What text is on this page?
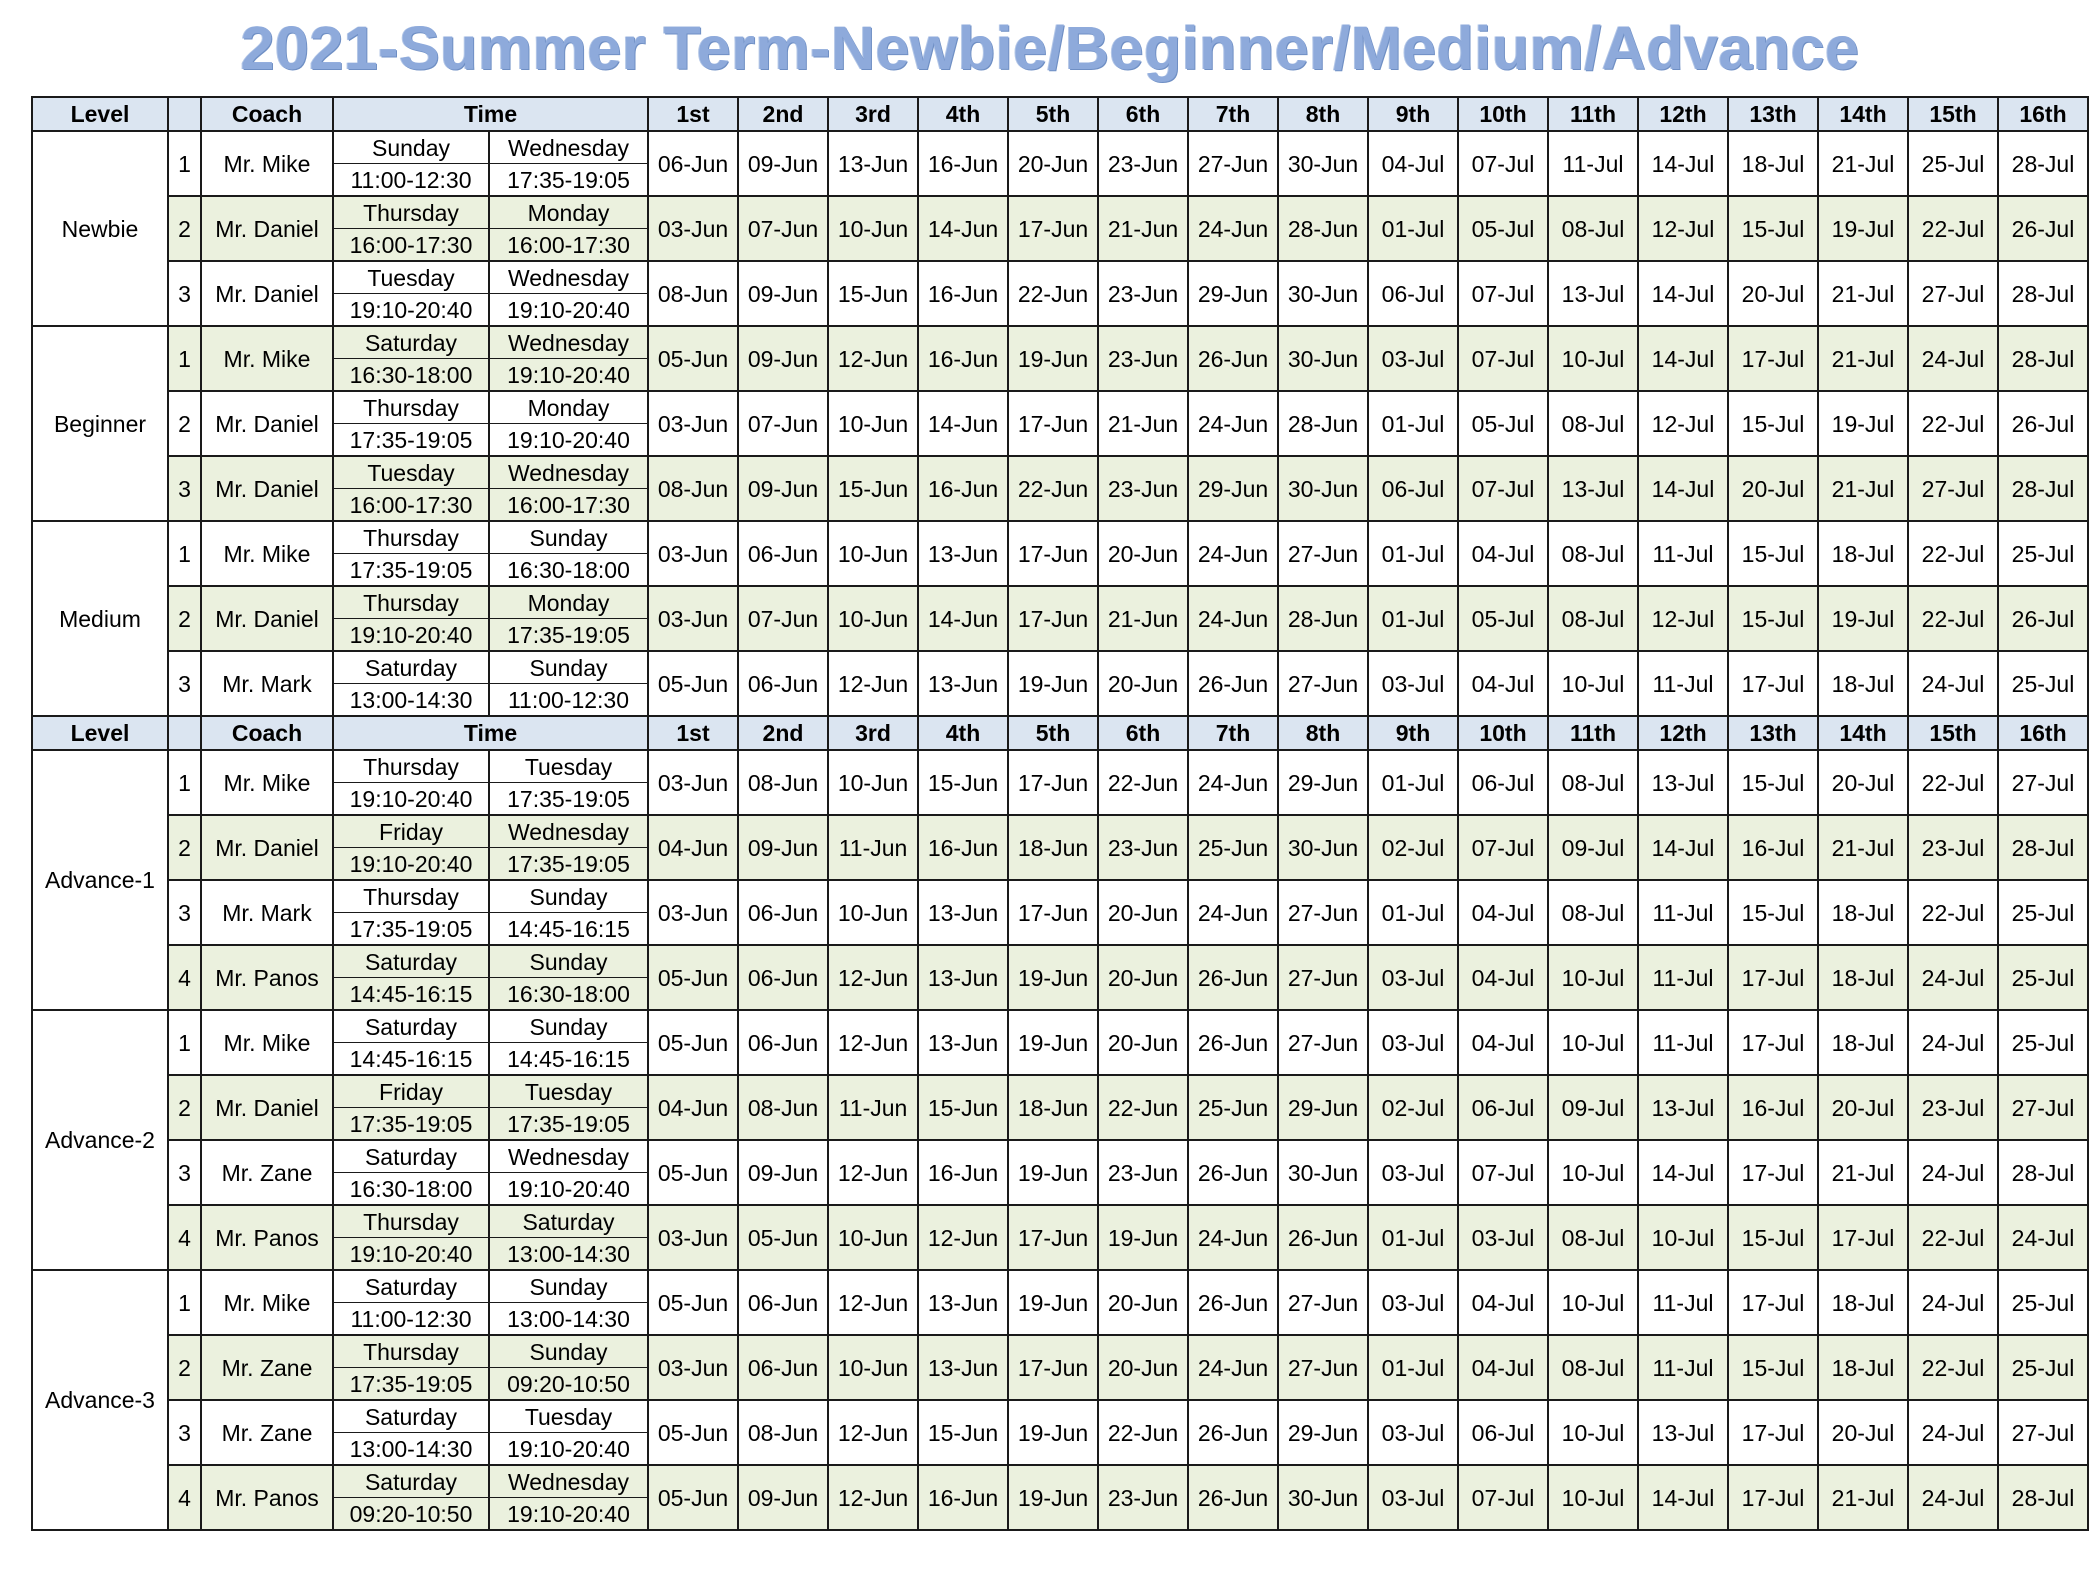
2021-Summer Term-Newbie/Beginner/Medium/Advance
Level		Coach	Time		1st	2nd	3rd	4th	5th	6th	7th	8th	9th	10th	11th	12th	13th	14th	15th	16th
Newbie	1	Mr. Mike	Sunday	Wednesday	06-Jun	09-Jun	13-Jun	16-Jun	20-Jun	23-Jun	27-Jun	30-Jun	04-Jul	07-Jul	11-Jul	14-Jul	18-Jul	21-Jul	25-Jul	28-Jul
			11:00-12:30	17:35-19:05																
	2	Mr. Daniel	Thursday	Monday	03-Jun	07-Jun	10-Jun	14-Jun	17-Jun	21-Jun	24-Jun	28-Jun	01-Jul	05-Jul	08-Jul	12-Jul	15-Jul	19-Jul	22-Jul	26-Jul
			16:00-17:30	16:00-17:30																
	3	Mr. Daniel	Tuesday	Wednesday	08-Jun	09-Jun	15-Jun	16-Jun	22-Jun	23-Jun	29-Jun	30-Jun	06-Jul	07-Jul	13-Jul	14-Jul	20-Jul	21-Jul	27-Jul	28-Jul
			19:10-20:40	19:10-20:40																
Beginner	1	Mr. Mike	Saturday	Wednesday	05-Jun	09-Jun	12-Jun	16-Jun	19-Jun	23-Jun	26-Jun	30-Jun	03-Jul	07-Jul	10-Jul	14-Jul	17-Jul	21-Jul	24-Jul	28-Jul
			16:30-18:00	19:10-20:40																
	2	Mr. Daniel	Thursday	Monday	03-Jun	07-Jun	10-Jun	14-Jun	17-Jun	21-Jun	24-Jun	28-Jun	01-Jul	05-Jul	08-Jul	12-Jul	15-Jul	19-Jul	22-Jul	26-Jul
			17:35-19:05	19:10-20:40																
	3	Mr. Daniel	Tuesday	Wednesday	08-Jun	09-Jun	15-Jun	16-Jun	22-Jun	23-Jun	29-Jun	30-Jun	06-Jul	07-Jul	13-Jul	14-Jul	20-Jul	21-Jul	27-Jul	28-Jul
			16:00-17:30	16:00-17:30																
Medium	1	Mr. Mike	Thursday	Sunday	03-Jun	06-Jun	10-Jun	13-Jun	17-Jun	20-Jun	24-Jun	27-Jun	01-Jul	04-Jul	08-Jul	11-Jul	15-Jul	18-Jul	22-Jul	25-Jul
			17:35-19:05	16:30-18:00																
	2	Mr. Daniel	Thursday	Monday	03-Jun	07-Jun	10-Jun	14-Jun	17-Jun	21-Jun	24-Jun	28-Jun	01-Jul	05-Jul	08-Jul	12-Jul	15-Jul	19-Jul	22-Jul	26-Jul
			19:10-20:40	17:35-19:05																
	3	Mr. Mark	Saturday	Sunday	05-Jun	06-Jun	12-Jun	13-Jun	19-Jun	20-Jun	26-Jun	27-Jun	03-Jul	04-Jul	10-Jul	11-Jul	17-Jul	18-Jul	24-Jul	25-Jul
			13:00-14:30	11:00-12:30																
Level		Coach	Time		1st	2nd	3rd	4th	5th	6th	7th	8th	9th	10th	11th	12th	13th	14th	15th	16th
Advance-1	1	Mr. Mike	Thursday	Tuesday	03-Jun	08-Jun	10-Jun	15-Jun	17-Jun	22-Jun	24-Jun	29-Jun	01-Jul	06-Jul	08-Jul	13-Jul	15-Jul	20-Jul	22-Jul	27-Jul
			19:10-20:40	17:35-19:05																
	2	Mr. Daniel	Friday	Wednesday	04-Jun	09-Jun	11-Jun	16-Jun	18-Jun	23-Jun	25-Jun	30-Jun	02-Jul	07-Jul	09-Jul	14-Jul	16-Jul	21-Jul	23-Jul	28-Jul
			19:10-20:40	17:35-19:05																
	3	Mr. Mark	Thursday	Sunday	03-Jun	06-Jun	10-Jun	13-Jun	17-Jun	20-Jun	24-Jun	27-Jun	01-Jul	04-Jul	08-Jul	11-Jul	15-Jul	18-Jul	22-Jul	25-Jul
			17:35-19:05	14:45-16:15																
	4	Mr. Panos	Saturday	Sunday	05-Jun	06-Jun	12-Jun	13-Jun	19-Jun	20-Jun	26-Jun	27-Jun	03-Jul	04-Jul	10-Jul	11-Jul	17-Jul	18-Jul	24-Jul	25-Jul
			14:45-16:15	16:30-18:00																
Advance-2	1	Mr. Mike	Saturday	Sunday	05-Jun	06-Jun	12-Jun	13-Jun	19-Jun	20-Jun	26-Jun	27-Jun	03-Jul	04-Jul	10-Jul	11-Jul	17-Jul	18-Jul	24-Jul	25-Jul
			14:45-16:15	14:45-16:15																
	2	Mr. Daniel	Friday	Tuesday	04-Jun	08-Jun	11-Jun	15-Jun	18-Jun	22-Jun	25-Jun	29-Jun	02-Jul	06-Jul	09-Jul	13-Jul	16-Jul	20-Jul	23-Jul	27-Jul
			17:35-19:05	17:35-19:05																
	3	Mr. Zane	Saturday	Wednesday	05-Jun	09-Jun	12-Jun	16-Jun	19-Jun	23-Jun	26-Jun	30-Jun	03-Jul	07-Jul	10-Jul	14-Jul	17-Jul	21-Jul	24-Jul	28-Jul
			16:30-18:00	19:10-20:40																
	4	Mr. Panos	Thursday	Saturday	03-Jun	05-Jun	10-Jun	12-Jun	17-Jun	19-Jun	24-Jun	26-Jun	01-Jul	03-Jul	08-Jul	10-Jul	15-Jul	17-Jul	22-Jul	24-Jul
			19:10-20:40	13:00-14:30																
Advance-3	1	Mr. Mike	Saturday	Sunday	05-Jun	06-Jun	12-Jun	13-Jun	19-Jun	20-Jun	26-Jun	27-Jun	03-Jul	04-Jul	10-Jul	11-Jul	17-Jul	18-Jul	24-Jul	25-Jul
			11:00-12:30	13:00-14:30																
	2	Mr. Zane	Thursday	Sunday	03-Jun	06-Jun	10-Jun	13-Jun	17-Jun	20-Jun	24-Jun	27-Jun	01-Jul	04-Jul	08-Jul	11-Jul	15-Jul	18-Jul	22-Jul	25-Jul
			17:35-19:05	09:20-10:50																
	3	Mr. Zane	Saturday	Tuesday	05-Jun	08-Jun	12-Jun	15-Jun	19-Jun	22-Jun	26-Jun	29-Jun	03-Jul	06-Jul	10-Jul	13-Jul	17-Jul	20-Jul	24-Jul	27-Jul
			13:00-14:30	19:10-20:40																
	4	Mr. Panos	Saturday	Wednesday	05-Jun	09-Jun	12-Jun	16-Jun	19-Jun	23-Jun	26-Jun	30-Jun	03-Jul	07-Jul	10-Jul	14-Jul	17-Jul	21-Jul	24-Jul	28-Jul
			09:20-10:50	19:10-20:40																
